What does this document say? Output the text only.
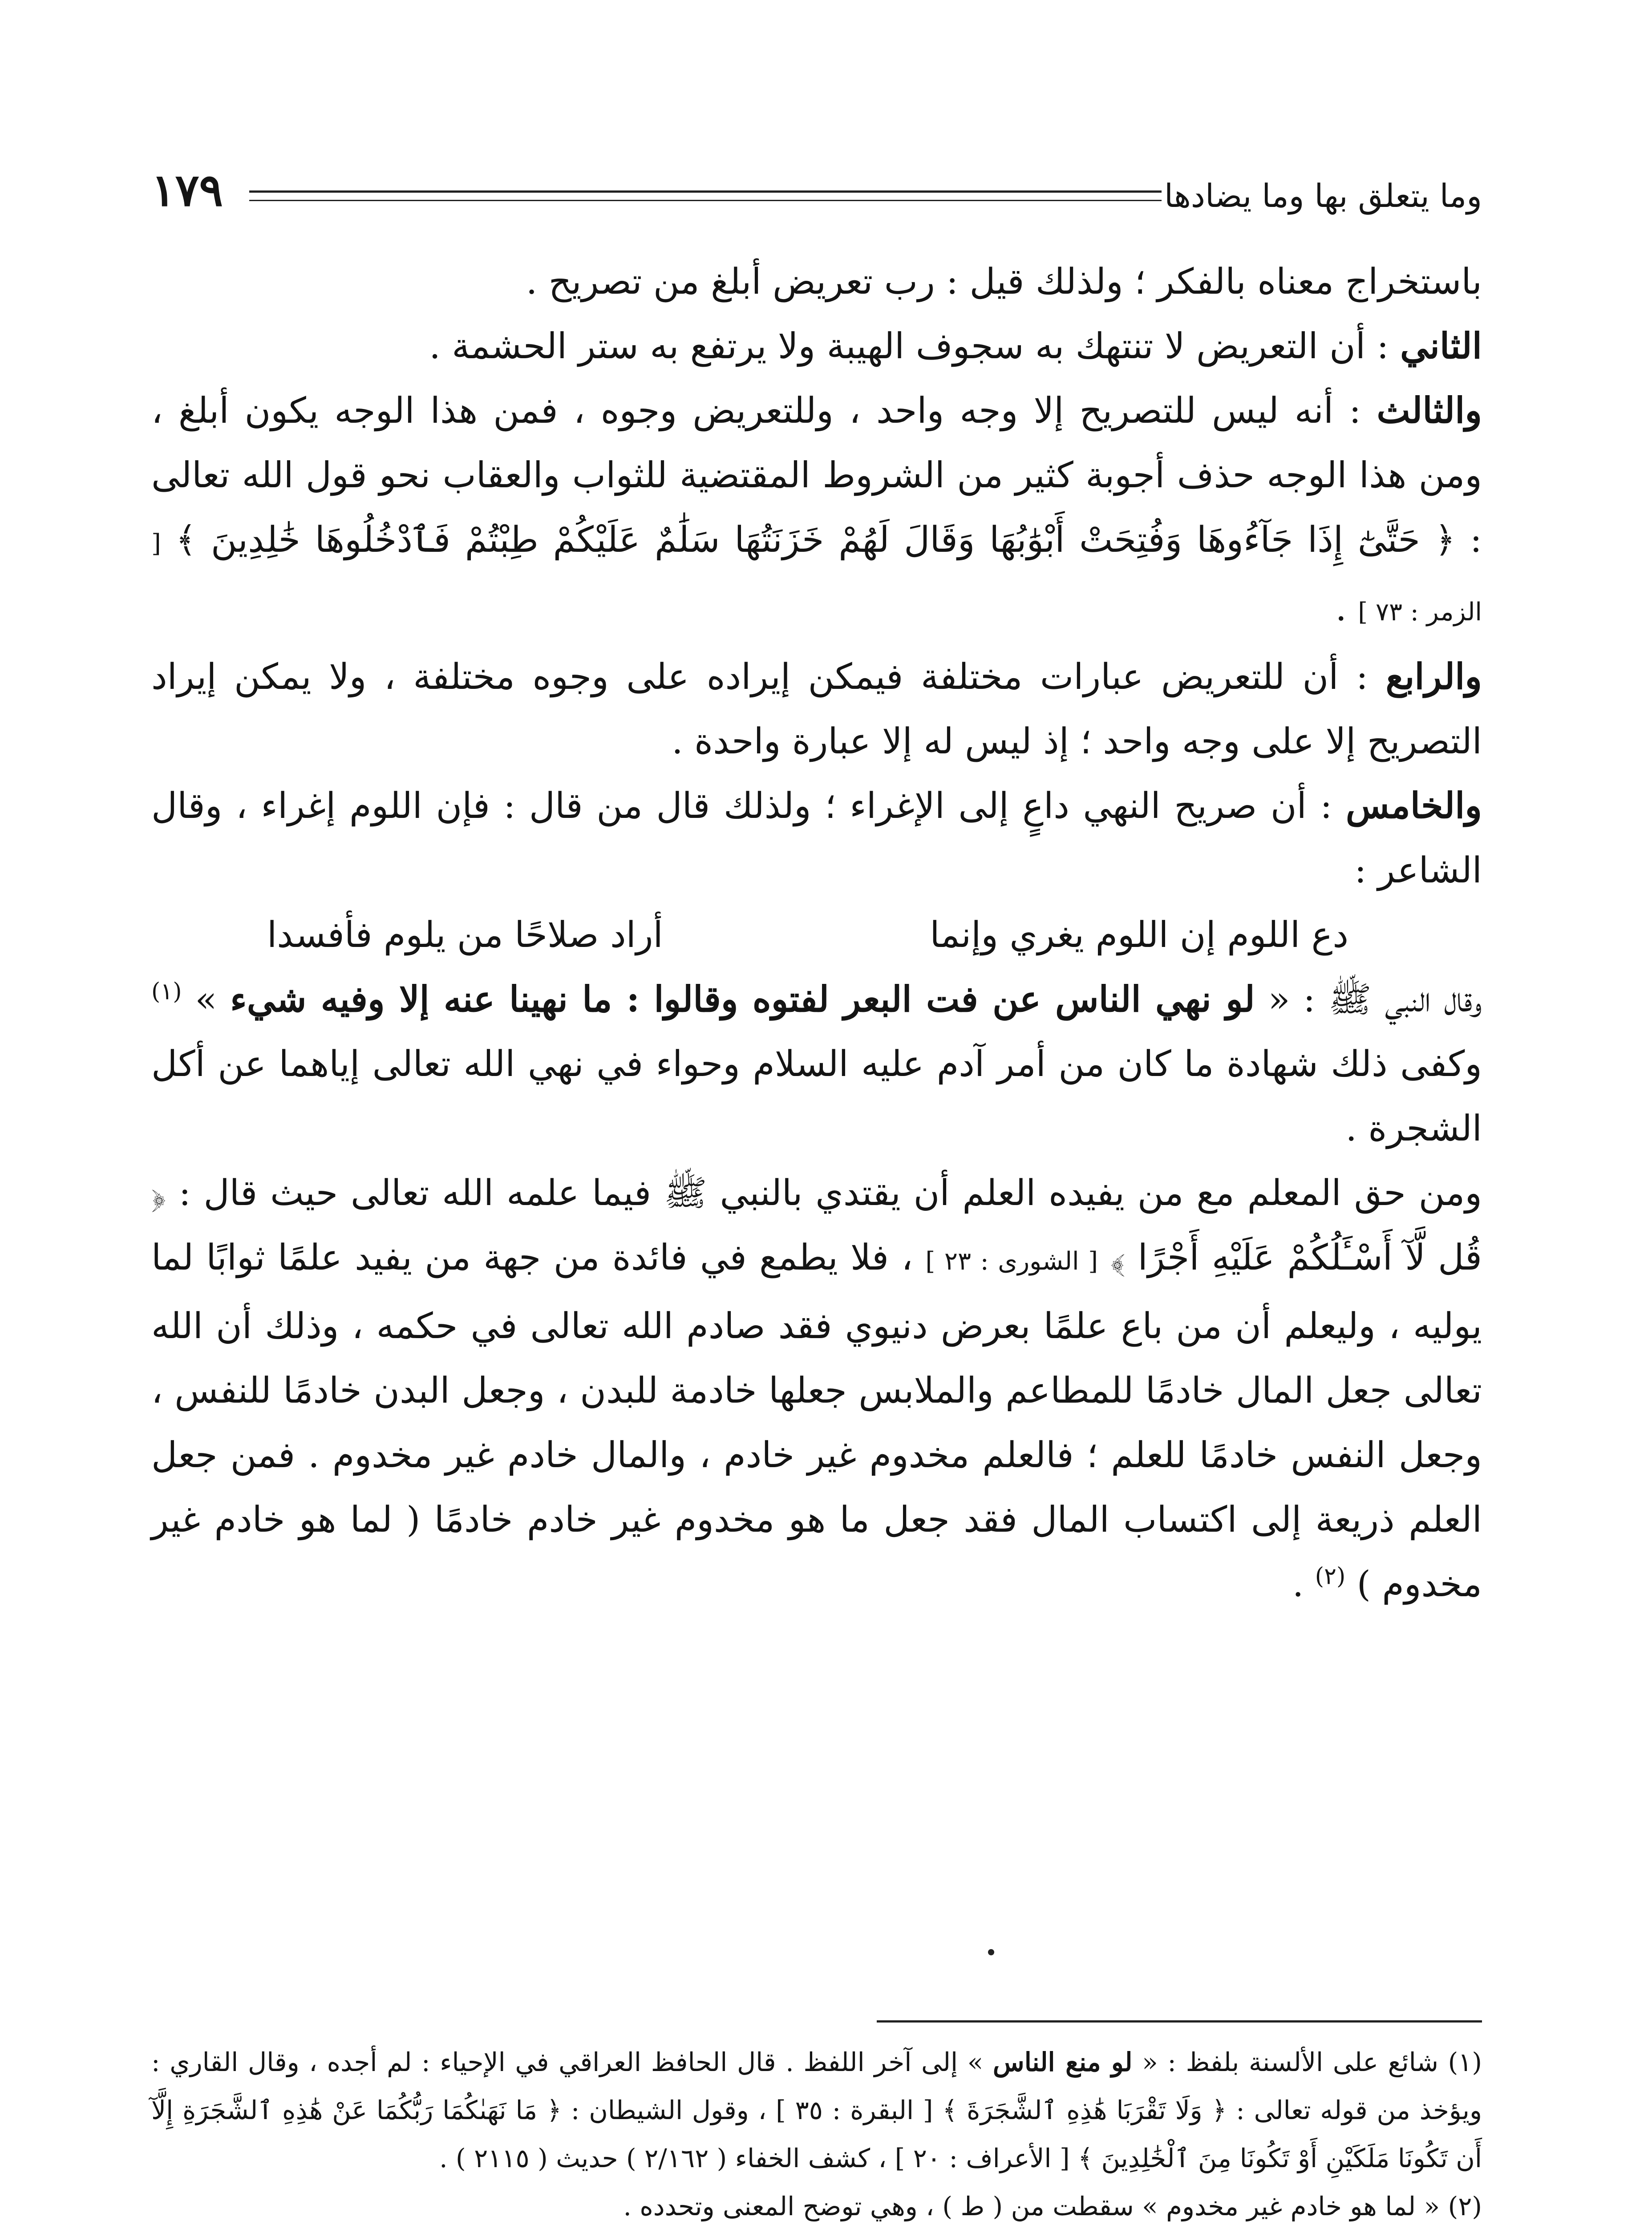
وما يتعلق بها وما يضادها
١٧٩

باستخراج معناه بالفكر ؛ ولذلك قيل : رب تعريض أبلغ من تصريح .

الثاني : أن التعريض لا تنتهك به سجوف الهيبة ولا يرتفع به ستر الحشمة .

والثالث : أنه ليس للتصريح إلا وجه واحد ، وللتعريض وجوه ، فمن هذا الوجه يكون أبلغ ، ومن هذا الوجه حذف أجوبة كثير من الشروط المقتضية للثواب والعقاب نحو قول الله تعالى : ﴿ حَتَّىٰٓ إِذَا جَآءُوهَا وَفُتِحَتْ أَبْوَٰبُهَا وَقَالَ لَهُمْ خَزَنَتُهَا سَلَٰمٌ عَلَيْكُمْ طِبْتُمْ فَٱدْخُلُوهَا خَٰلِدِينَ ﴾ [ الزمر : ٧٣ ] .

والرابع : أن للتعريض عبارات مختلفة فيمكن إيراده على وجوه مختلفة ، ولا يمكن إيراد التصريح إلا على وجه واحد ؛ إذ ليس له إلا عبارة واحدة .

والخامس : أن صريح النهي داعٍ إلى الإغراء ؛ ولذلك قال من قال : فإن اللوم إغراء ، وقال الشاعر :

دع اللوم إن اللوم يغري وإنما
أراد صلاحًا من يلوم فأفسدا

وقال النبي ﷺ : « لو نهي الناس عن فت البعر لفتوه وقالوا : ما نهينا عنه إلا وفيه شيء » $^{(١)}$ وكفى ذلك شهادة ما كان من أمر آدم عليه السلام وحواء في نهي الله تعالى إياهما عن أكل الشجرة .

ومن حق المعلم مع من يفيده العلم أن يقتدي بالنبي ﷺ فيما علمه الله تعالى حيث قال : ﴿ قُل لَّآ أَسْـَٔلُكُمْ عَلَيْهِ أَجْرًا ﴾ [ الشورى : ٢٣ ] ، فلا يطمع في فائدة من جهة من يفيد علمًا ثوابًا لما يوليه ، وليعلم أن من باع علمًا بعرض دنيوي فقد صادم الله تعالى في حكمه ، وذلك أن الله تعالى جعل المال خادمًا للمطاعم والملابس جعلها خادمة للبدن ، وجعل البدن خادمًا للنفس ، وجعل النفس خادمًا للعلم ؛ فالعلم مخدوم غير خادم ، والمال خادم غير مخدوم . فمن جعل العلم ذريعة إلى اكتساب المال فقد جعل ما هو مخدوم غير خادم خادمًا ( لما هو خادم غير مخدوم ) $^{(٢)}$ .

(١) شائع على الألسنة بلفظ : « لو منع الناس » إلى آخر اللفظ . قال الحافظ العراقي في الإحياء : لم أجده ، وقال القاري : ويؤخذ من قوله تعالى : ﴿ وَلَا تَقْرَبَا هَٰذِهِ ٱلشَّجَرَةَ ﴾ [ البقرة : ٣٥ ] ، وقول الشيطان : ﴿ مَا نَهَىٰكُمَا رَبُّكُمَا عَنْ هَٰذِهِ ٱلشَّجَرَةِ إِلَّآ أَن تَكُونَا مَلَكَيْنِ أَوْ تَكُونَا مِنَ ٱلْخَٰلِدِينَ ﴾ [ الأعراف : ٢٠ ] ، كشف الخفاء ( ٢/١٦٢ ) حديث ( ٢١١٥ ) .

(٢) « لما هو خادم غير مخدوم » سقطت من ( ط ) ، وهي توضح المعنى وتحدده .
